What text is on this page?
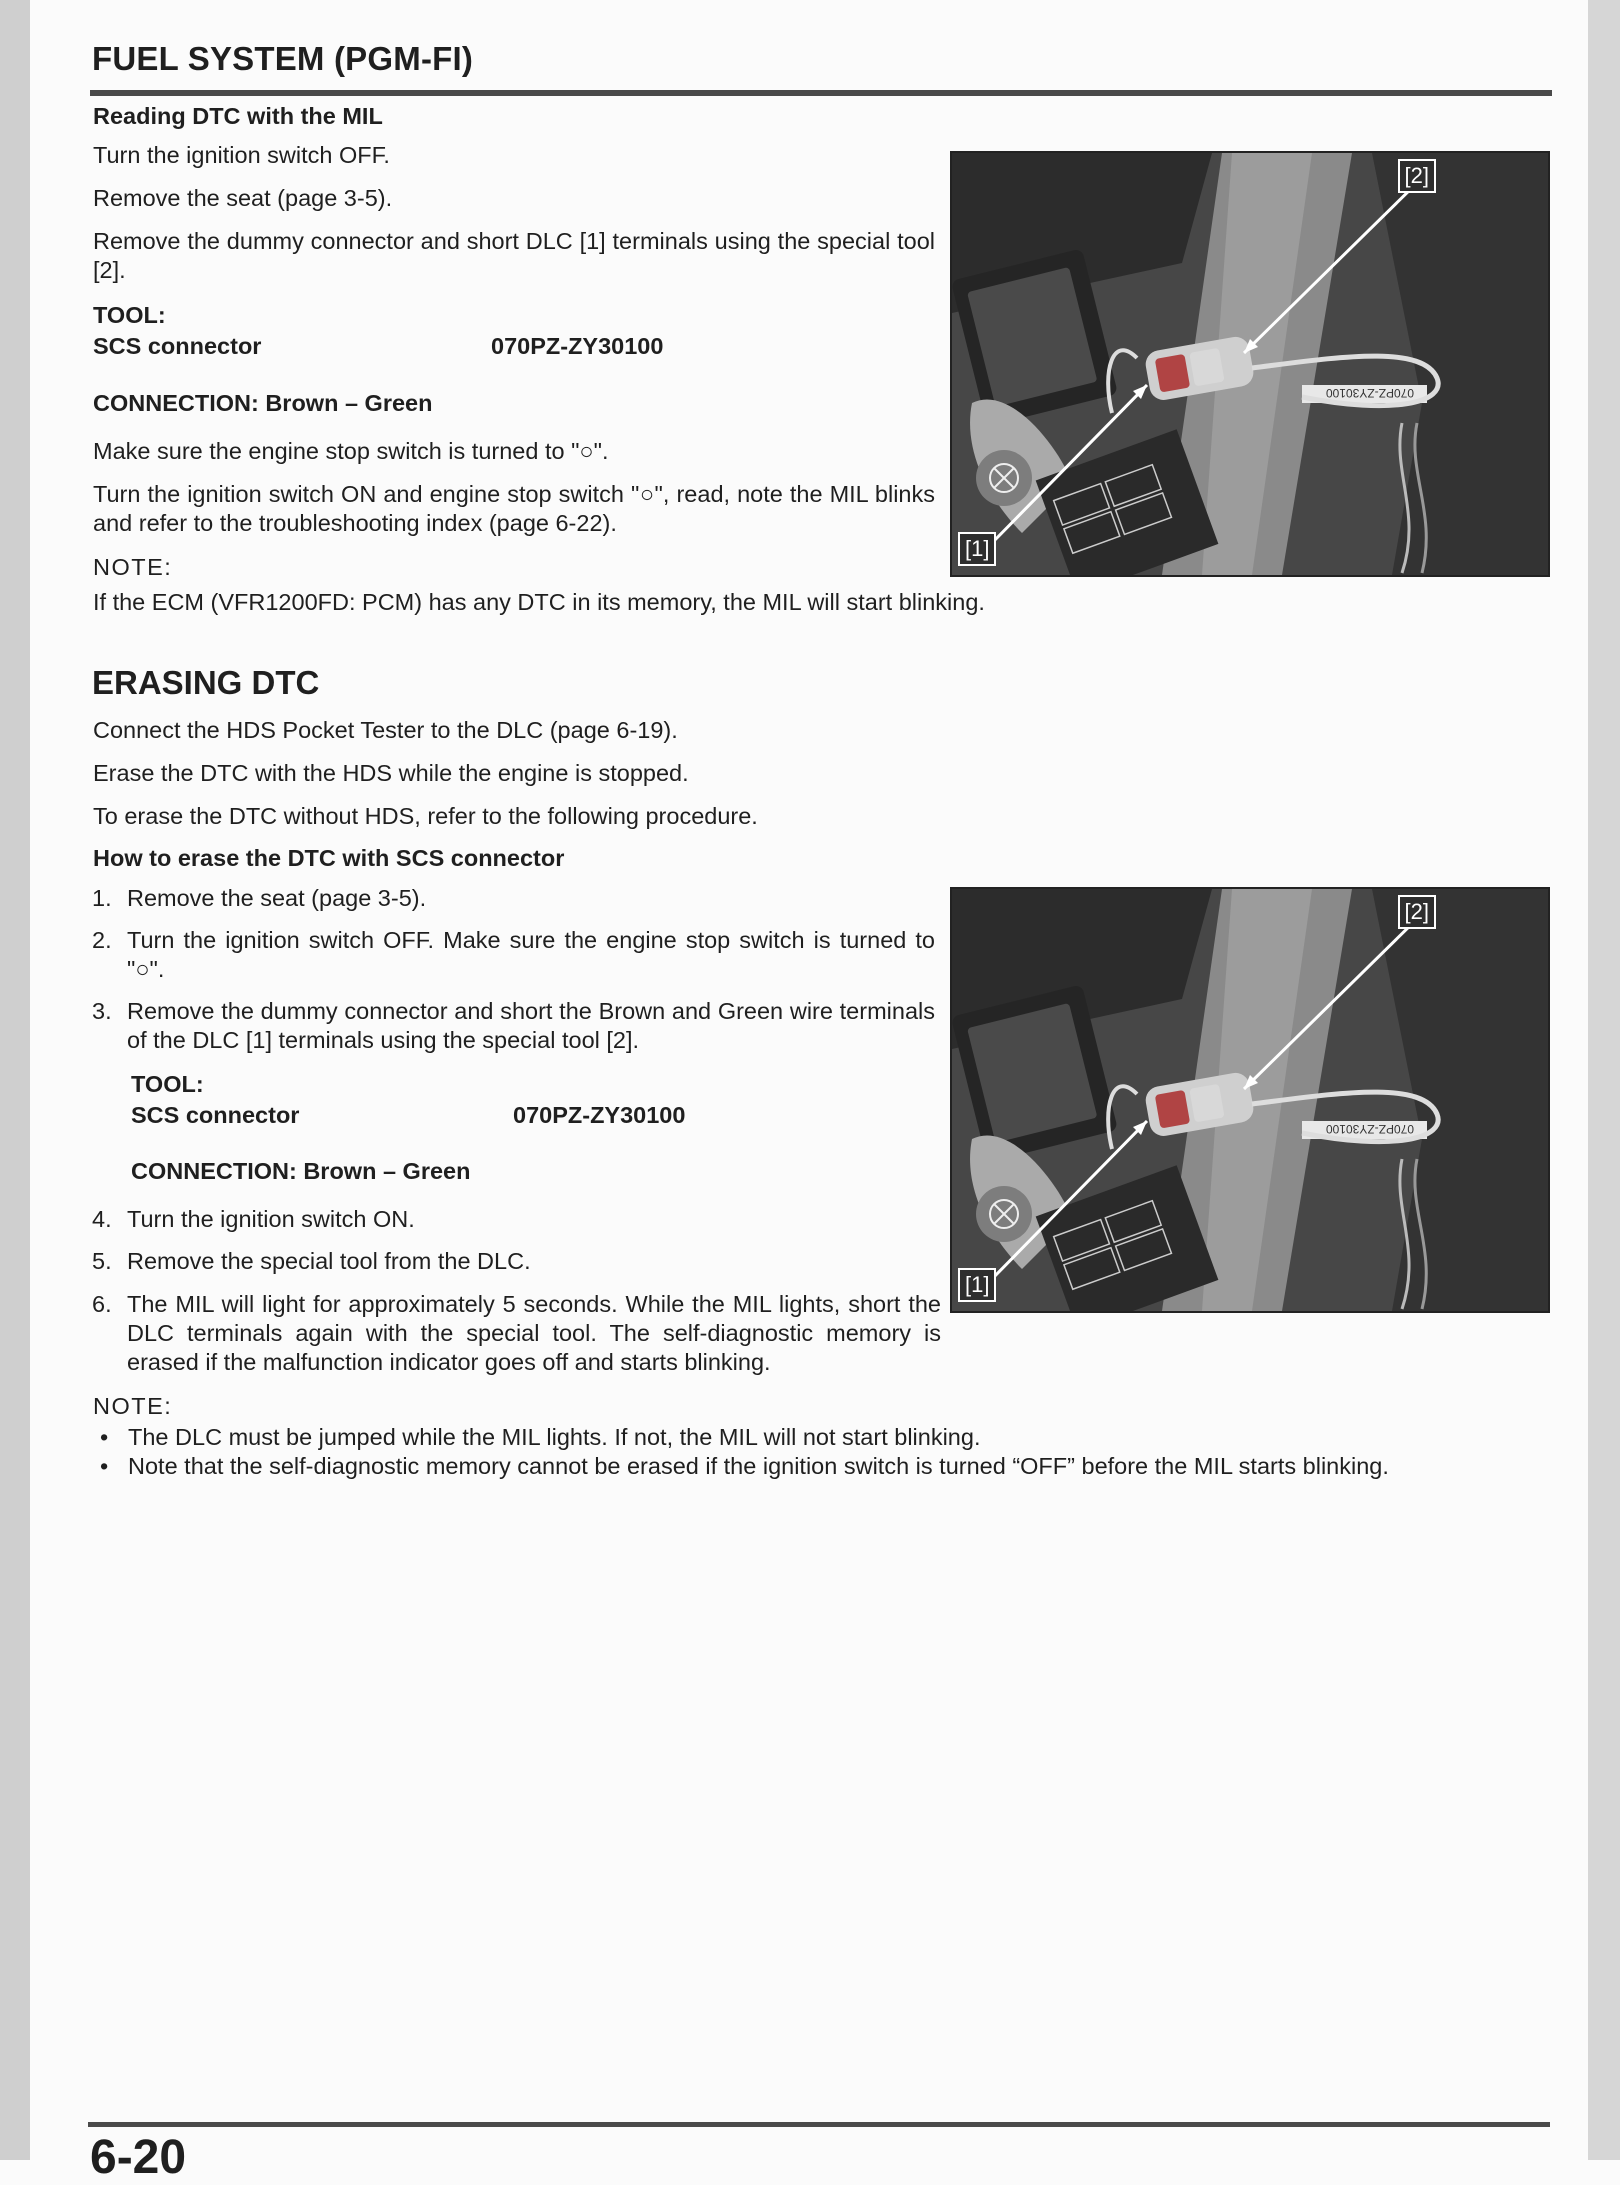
FUEL SYSTEM (PGM-FI)
Reading DTC with the MIL
Turn the ignition switch OFF.
Remove the seat (page 3-5).
Remove the dummy connector and short DLC [1] terminals using the special tool [2].
TOOL:
SCS connector	070PZ-ZY30100
CONNECTION: Brown – Green
Make sure the engine stop switch is turned to "○".
Turn the ignition switch ON and engine stop switch "○", read, note the MIL blinks and refer to the troubleshooting index (page 6-22).
NOTE:
If the ECM (VFR1200FD: PCM) has any DTC in its memory, the MIL will start blinking.
070PZ-ZY30100
[2]
[1]
ERASING DTC
Connect the HDS Pocket Tester to the DLC (page 6-19).
Erase the DTC with the HDS while the engine is stopped.
To erase the DTC without HDS, refer to the following procedure.
How to erase the DTC with SCS connector
1. Remove the seat (page 3-5).
2. Turn the ignition switch OFF. Make sure the engine stop switch is turned to "○".
3. Remove the dummy connector and short the Brown and Green wire terminals of the DLC [1] terminals using the special tool [2].
TOOL:
SCS connector	070PZ-ZY30100
CONNECTION: Brown – Green
4. Turn the ignition switch ON.
5. Remove the special tool from the DLC.
6. The MIL will light for approximately 5 seconds. While the MIL lights, short the DLC terminals again with the special tool. The self-diagnostic memory is erased if the malfunction indicator goes off and starts blinking.
NOTE:
• The DLC must be jumped while the MIL lights. If not, the MIL will not start blinking.
• Note that the self-diagnostic memory cannot be erased if the ignition switch is turned “OFF” before the MIL starts blinking.
070PZ-ZY30100
[2]
[1]
6-20
